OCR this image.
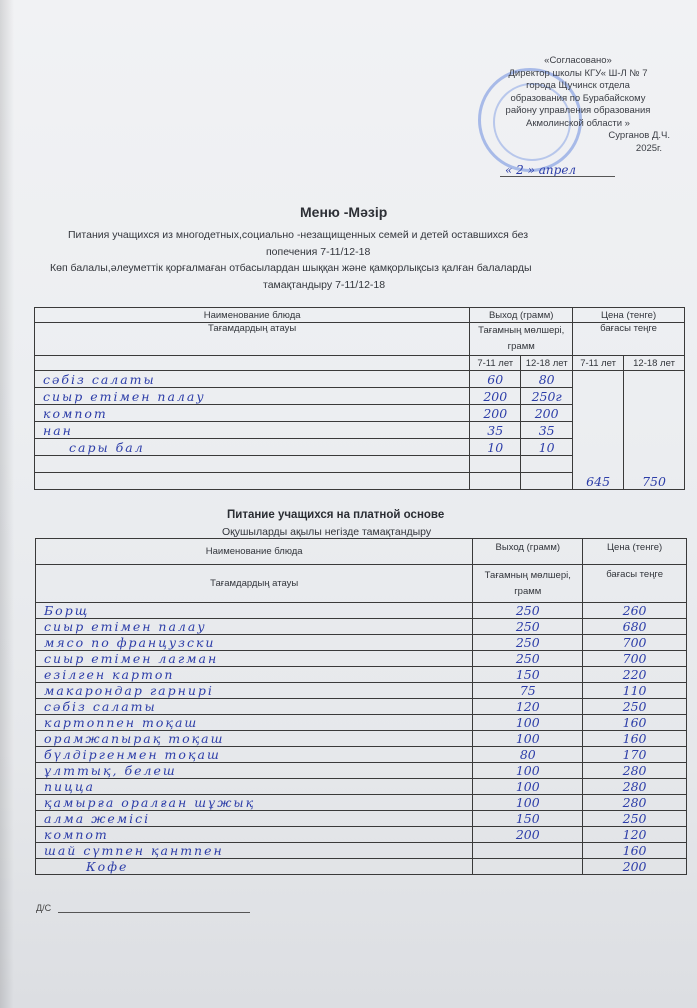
«Согласовано»
Директор школы КГУ« Ш-Л № 7
города Щучинск отдела
образования по Бурабайскому
району управления образования
Акмолинской области »
Сурганов Д.Ч.
2025г.
« 2 » апрел
Меню -Мәзір
Питания учащихся из многодетных,социально -незащищенных семей и детей оставшихся без
попечения 7-11/12-18
Көп балалы,әлеуметтік қорғалмаған отбасылардан шыққан және қамқорлықсыз қалған балаларды
тамақтандыру 7-11/12-18
Наименование блюда	Выход (грамм)		Цена (тенге)	
Тағамдардың атауы	Тағамның мөлшері, грамм		бағасы теңге	
	7-11 лет	12-18 лет	7-11 лет	12-18 лет
сәбіз салаты	60	80	645	750
сиыр етімен палау	200	250г		
компот	200	200		
нан	35	35		
сары бал	10	10		

Питание учащихся на платной основе
Оқушыларды ақылы негізде тамақтандыру
Наименование блюда	Выход (грамм)	Цена (тенге)
Тағамдардың атауы	Тағамның мөлшері, грамм	бағасы теңге
Борщ	250	260
сиыр етімен палау	250	680
мясо по французски	250	700
сиыр етімен лагман	250	700
езілген картоп	150	220
макарондар гарнирі	75	110
сәбіз салаты	120	250
картоппен тоқаш	100	160
орамжапырақ тоқаш	100	160
бүлдіргенмен тоқаш	80	170
ұлттық, белеш	100	280
пицца	100	280
қамырға оралған шұжық	100	280
алма жемісі	150	250
компот	200	120
шай сүтпен қантпен		160
Кофе		200
Д/С
